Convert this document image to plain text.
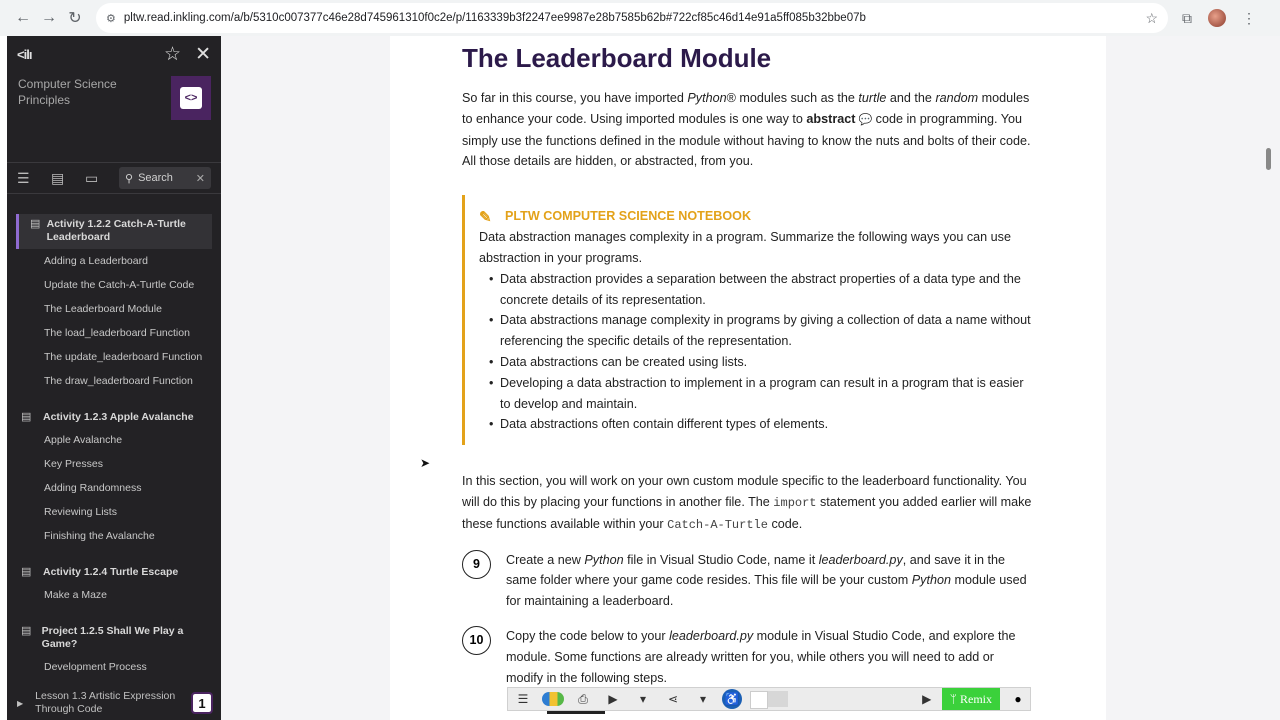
← → ↻	⚙ pltw.read.inkling.com/a/b/5310c007377c46e28d745961310f0c2e/p/1163339b3f2247ee9987e28b7585b62b#722cf85c46d14e91a5ff085b32bbe07b	☆ ⧉	⋮
<ilı	☆ ✕
Computer Science Principles	<>
☰	▤	▭	⚲ Search ✕
▤ Activity 1.2.2 Catch-A-Turtle Leaderboard
Adding a Leaderboard
Update the Catch-A-Turtle Code
The Leaderboard Module
The load_leaderboard Function
The update_leaderboard Function
The draw_leaderboard Function
▤	Activity 1.2.3 Apple Avalanche
Apple Avalanche
Key Presses
Adding Randomness
Reviewing Lists
Finishing the Avalanche
▤	Activity 1.2.4 Turtle Escape
Make a Maze
▤ Project 1.2.5 Shall We Play a Game?
Development Process
▶
Lesson 1.3 Artistic Expression Through Code	1
The Leaderboard Module

So far in this course, you have imported Python® modules such as the turtle and the random modules to enhance your code. Using imported modules is one way to abstract 💬 code in programming. You simply use the functions defined in the module without having to know the nuts and bolts of their code. All those details are hidden, or abstracted, from you.

✎ PLTW COMPUTER SCIENCE NOTEBOOK

Data abstraction manages complexity in a program. Summarize the following ways you can use abstraction in your programs.

• Data abstraction provides a separation between the abstract properties of a data type and the concrete details of its representation.
• Data abstractions manage complexity in programs by giving a collection of data a name without referencing the specific details of the representation.
• Data abstractions can be created using lists.
• Developing a data abstraction to implement in a program can result in a program that is easier to develop and maintain.
• Data abstractions often contain different types of elements.

In this section, you will work on your own custom module specific to the leaderboard functionality. You will do this by placing your functions in another file. The import statement you added earlier will make these functions available within your Catch-A-Turtle code.

9	Create a new Python file in Visual Studio Code, name it leaderboard.py, and save it in the same folder where your game code resides. This file will be your custom Python module used for maintaining a leaderboard.
10	Copy the code below to your leaderboard.py module in Visual Studio Code, and explore the module. Some functions are already written for you, while others you will need to add or modify in the following steps.
☰	⎙	▶	▾	⋖	▾	♿	▶	ᛘ Remix	●
➤
